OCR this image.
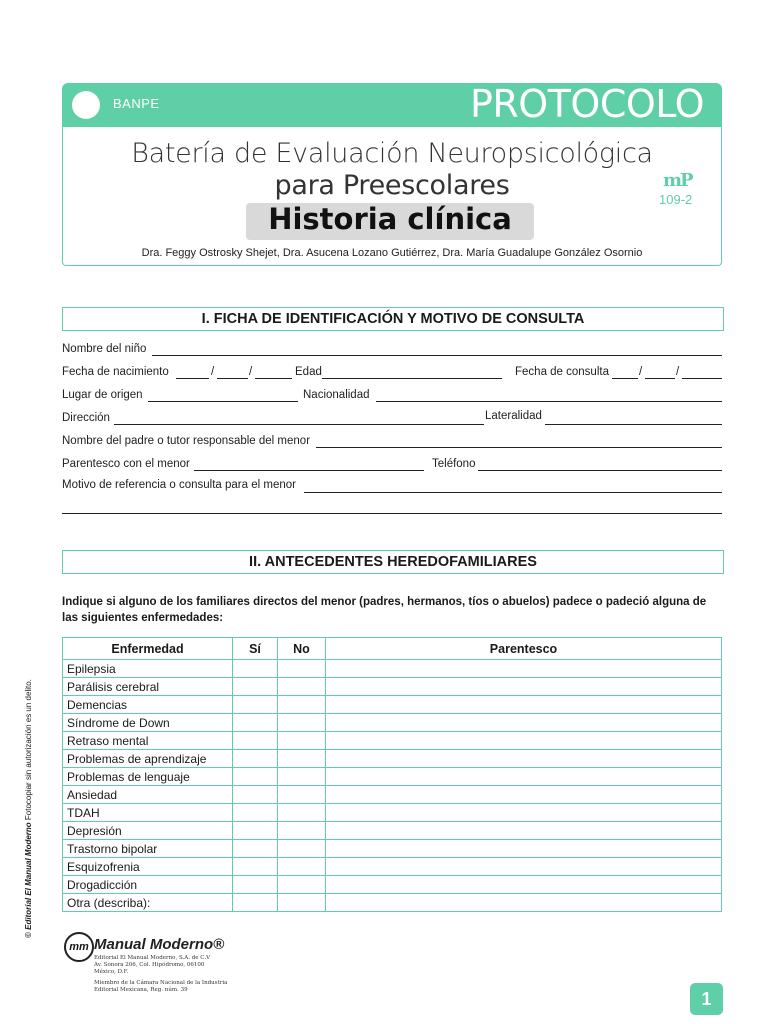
BANPE	PROTOCOLO
Batería de Evaluación Neuropsicológica
para Preescolares
Historia clínica
mP
109-2
Dra. Feggy Ostrosky Shejet, Dra. Asucena Lozano Gutiérrez, Dra. María Guadalupe González Osornio
I. FICHA DE IDENTIFICACIÓN Y MOTIVO DE CONSULTA
Nombre del niño
Fecha de nacimiento	/	/	Edad	Fecha de consulta	/	/
Lugar de origen	Nacionalidad
Dirección	Lateralidad
Nombre del padre o tutor responsable del menor
Parentesco con el menor	Teléfono
Motivo de referencia o consulta para el menor
II. ANTECEDENTES HEREDOFAMILIARES
Indique si alguno de los familiares directos del menor (padres, hermanos, tíos o abuelos) padece o padeció alguna de las siguientes enfermedades:
Enfermedad	Sí	No	Parentesco
Epilepsia			
Parálisis cerebral			
Demencias			
Síndrome de Down			
Retraso mental			
Problemas de aprendizaje			
Problemas de lenguaje			
Ansiedad			
TDAH			
Depresión			
Trastorno bipolar			
Esquizofrenia			
Drogadicción			
Otra (describa):			
© Editorial El Manual Moderno Fotocopiar sin autorización es un delito.
mm Manual Moderno®
Editorial El Manual Moderno, S.A. de C.V
Av. Sonora 206, Col. Hipódromo, 06100
México, D.F.
Miembro de la Cámara Nacional de la Industria
Editorial Mexicana, Reg. núm. 39	1
